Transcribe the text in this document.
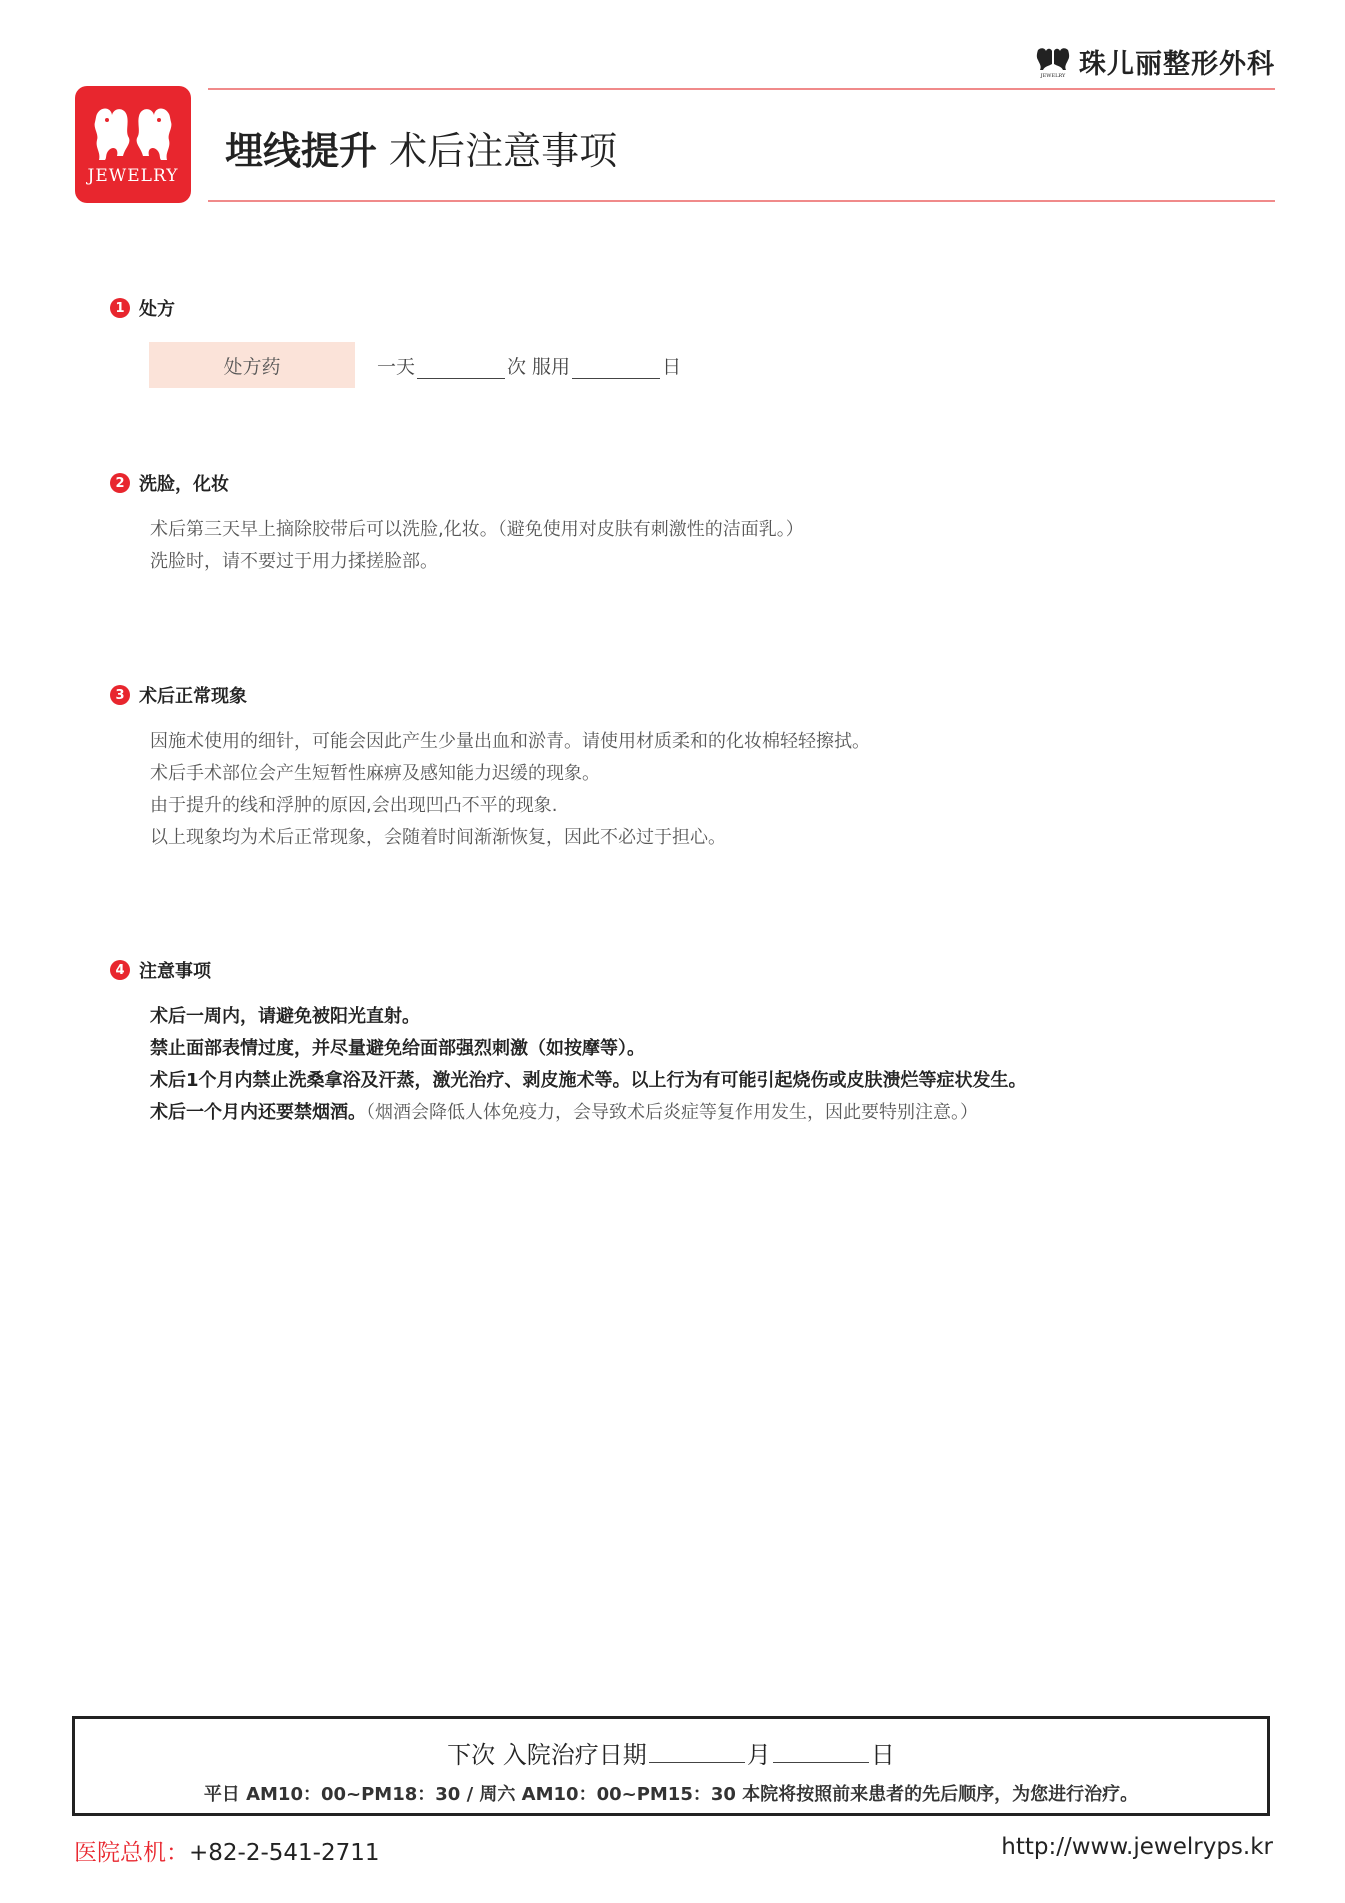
JEWELRY 珠儿丽整形外科
JEWELRY
埋线提升 术后注意事项
1 处方
处方药	一天	次 服用	日
2 洗脸，化妆

术后第三天早上摘除胶带后可以洗脸,化妆。（避免使用对皮肤有刺激性的洁面乳。）

洗脸时，请不要过于用力揉搓脸部。

3 术后正常现象

因施术使用的细针，可能会因此产生少量出血和淤青。请使用材质柔和的化妆棉轻轻擦拭。

术后手术部位会产生短暂性麻痹及感知能力迟缓的现象。

由于提升的线和浮肿的原因,会出现凹凸不平的现象.

以上现象均为术后正常现象，会随着时间渐渐恢复，因此不必过于担心。

4 注意事项

术后一周内，请避免被阳光直射。

禁止面部表情过度，并尽量避免给面部强烈刺激（如按摩等）。

术后1个月内禁止洗桑拿浴及汗蒸，激光治疗、剥皮施术等。以上行为有可能引起烧伤或皮肤溃烂等症状发生。

术后一个月内还要禁烟酒。（烟酒会降低人体免疫力，会导致术后炎症等复作用发生，因此要特别注意。）

下次 入院治疗日期	月	日
平日 AM10：00~PM18：30 / 周六 AM10：00~PM15：30 本院将按照前来患者的先后顺序，为您进行治疗。
医院总机：+82-2-541-2711	http://www.jewelryps.kr
